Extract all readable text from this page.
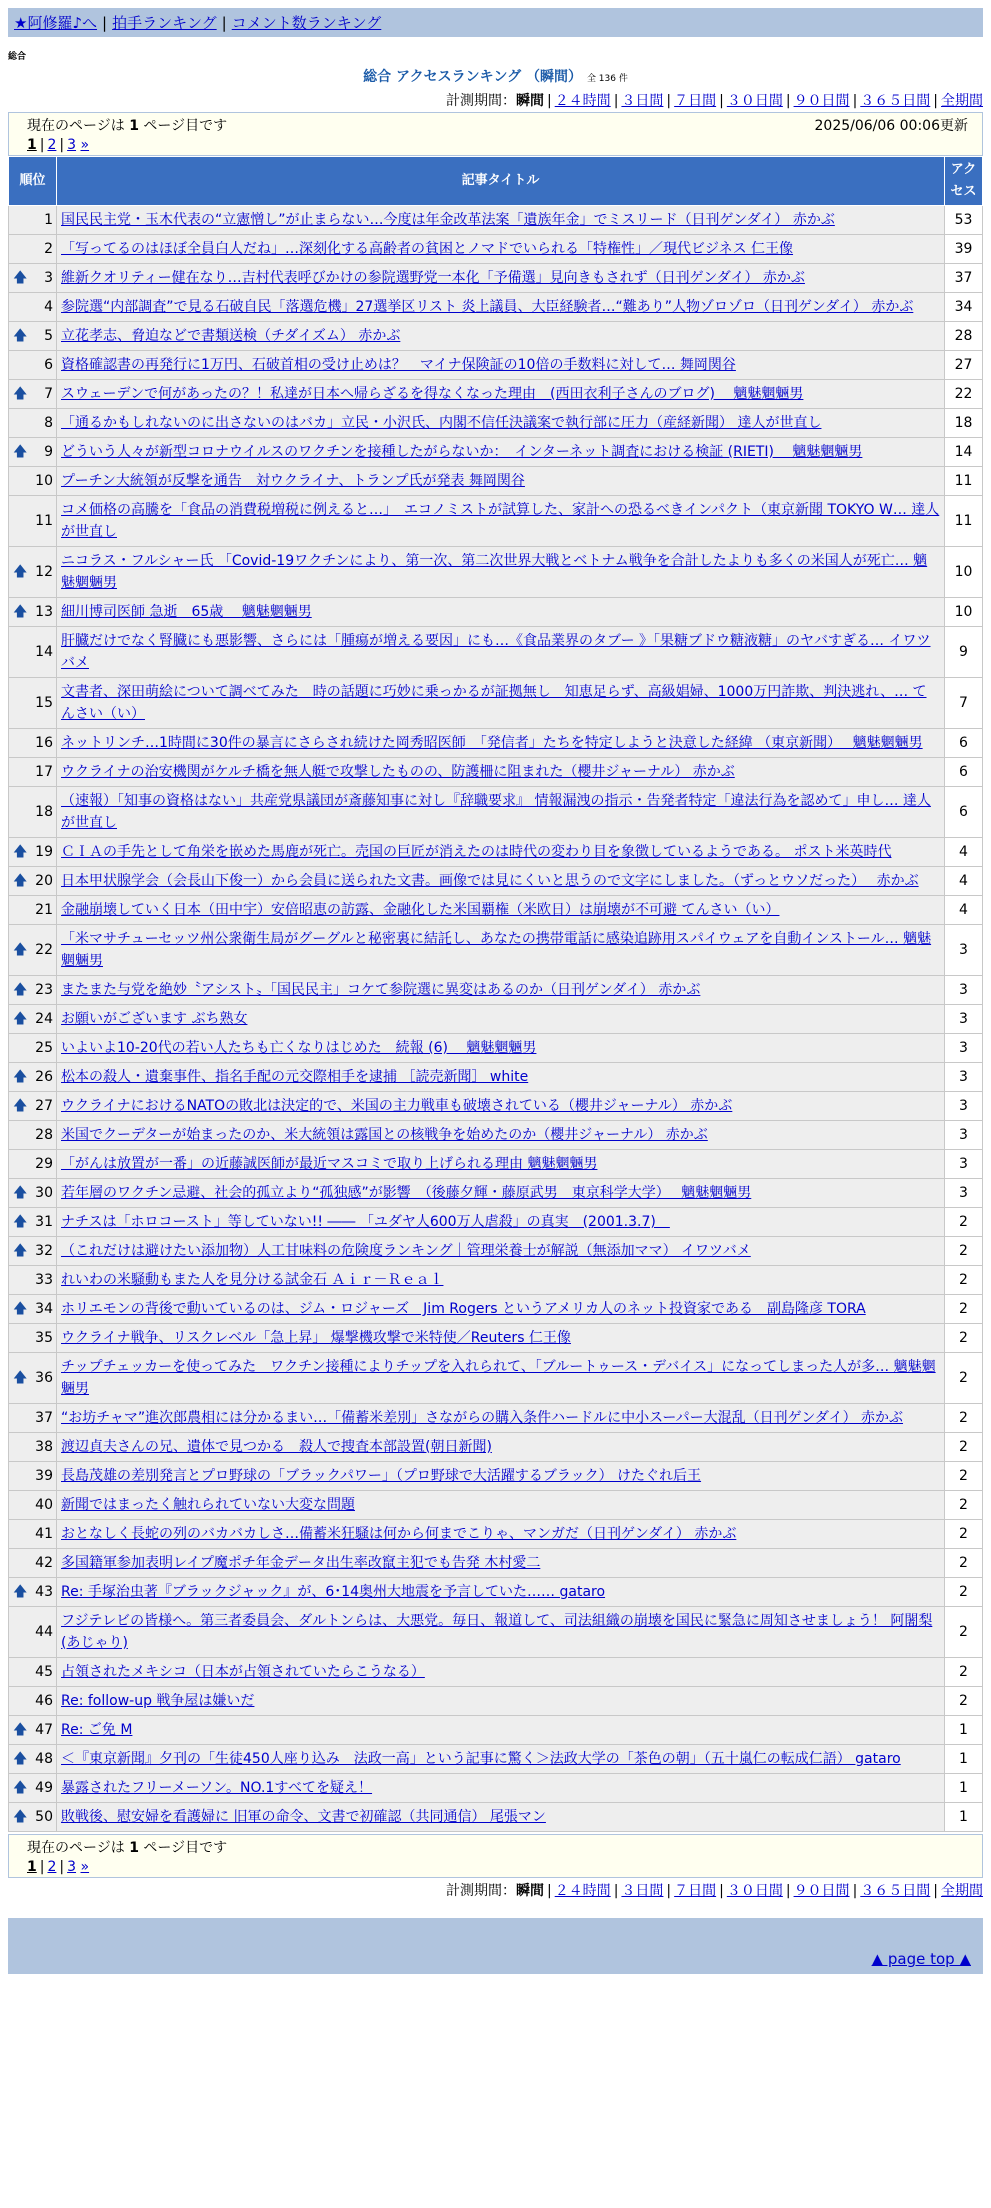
★阿修羅♪へ | 拍手ランキング | コメント数ランキング
総合
総合 アクセスランキング （瞬間） 全 136 件
計測期間：瞬間 | ２４時間 | ３日間 | ７日間 | ３０日間 | ９０日間 | ３６５日間 | 全期間
現在のページは 1 ページ目です	2025/06/06 00:06更新
1 | 2 | 3 »
順位	記事タイトル	アクセス
1	国民民主党・玉木代表の“立憲憎し”が止まらない…今度は年金改革法案「遺族年金」でミスリード（日刊ゲンダイ） 赤かぶ	53
2	「写ってるのはほぼ全員白人だね」…深刻化する高齢者の貧困とノマドでいられる「特権性」／現代ビジネス 仁王像	39

🡅 3	維新クオリティー健在なり…吉村代表呼びかけの参院選野党一本化「予備選」見向きもされず（日刊ゲンダイ） 赤かぶ	37
4	参院選“内部調査”で見る石破自民「落選危機」27選挙区リスト 炎上議員、大臣経験者…“難あり”人物ゾロゾロ（日刊ゲンダイ） 赤かぶ	34

🡅 5	立花孝志、脅迫などで書類送検（チダイズム） 赤かぶ	28
6	資格確認書の再発行に1万円、石破首相の受け止めは？　マイナ保険証の10倍の手数料に対して… 舞岡関谷	27

🡅 7	スウェーデンで何があったの？！私達が日本へ帰らざるを得なくなった理由　(西田衣利子さんのブログ)　 魑魅魍魎男	22
8	「通るかもしれないのに出さないのはバカ」立民・小沢氏、内閣不信任決議案で執行部に圧力（産経新聞） 達人が世直し	18

🡅 9	どういう人々が新型コロナウイルスのワクチンを接種したがらないか：　インターネット調査における検証 (RIETI)　 魑魅魍魎男	14
10	プーチン大統領が反撃を通告　対ウクライナ、トランプ氏が発表 舞岡関谷	11
11	コメ価格の高騰を「食品の消費税増税に例えると…」　エコノミストが試算した、家計への恐るべきインパクト（東京新聞 TOKYO W… 達人が世直し	11

🡅 12	ニコラス・フルシャー氏 「Covid-19ワクチンにより、第一次、第二次世界大戦とベトナム戦争を合計したよりも多くの米国人が死亡… 魑魅魍魎男	10

🡅 13	細川博司医師 急逝　65歳　 魑魅魍魎男	10
14	肝臓だけでなく腎臓にも悪影響、さらには「腫瘍が増える要因」にも…《食品業界のタブー 》「果糖ブドウ糖液糖」のヤバすぎる… イワツバメ	9
15	文書者、深田萌絵について調べてみた　時の話題に巧妙に乗っかるが証拠無し　知恵足らず、高級娼婦、1000万円詐欺、判決逃れ、… てんさい（い）	7
16	ネットリンチ…1時間に30件の暴言にさらされ続けた岡秀昭医師　「発信者」たちを特定しようと決意した経緯 （東京新聞）　 魑魅魍魎男	6
17	ウクライナの治安機関がケルチ橋を無人艇で攻撃したものの、防護柵に阻まれた（櫻井ジャーナル） 赤かぶ	6
18	（速報）「知事の資格はない」共産党県議団が斎藤知事に対し『辞職要求』 情報漏洩の指示・告発者特定「違法行為を認めて」申し… 達人が世直し	6

🡅 19	ＣＩＡの手先として角栄を嵌めた馬鹿が死亡。売国の巨匠が消えたのは時代の変わり目を象徴しているようである。 ポスト米英時代	4

🡅 20	日本甲状腺学会（会長山下俊一）から会員に送られた文書。画像では見にくいと思うので文字にしました。（ずっとウソだった）　 赤かぶ	4
21	金融崩壊していく日本（田中宇）安倍昭恵の訪露、金融化した米国覇権（米欧日）は崩壊が不可避 てんさい（い）	4

🡅 22	「米マサチューセッツ州公衆衛生局がグーグルと秘密裏に結託し、あなたの携帯電話に感染追跡用スパイウェアを自動インストール… 魑魅魍魎男	3

🡅 23	またまた与党を絶妙〝アシスト〟「国民民主」コケて参院選に異変はあるのか（日刊ゲンダイ） 赤かぶ	3

🡅 24	お願いがございます ぶち熟女	3
25	いよいよ10-20代の若い人たちも亡くなりはじめた　続報 (6)　 魑魅魍魎男	3

🡅 26	松本の殺人・遺棄事件、指名手配の元交際相手を逮捕 ［読売新聞］ white	3

🡅 27	ウクライナにおけるNATOの敗北は決定的で、米国の主力戦車も破壊されている（櫻井ジャーナル） 赤かぶ	3
28	米国でクーデターが始まったのか、米大統領は露国との核戦争を始めたのか（櫻井ジャーナル） 赤かぶ	3
29	「がんは放置が一番」の近藤誠医師が最近マスコミで取り上げられる理由 魑魅魍魎男	3

🡅 30	若年層のワクチン忌避、社会的孤立より“孤独感”が影響　（後藤夕輝・藤原武男　東京科学大学）　 魑魅魍魎男	3

🡅 31	ナチスは「ホロコースト」等していない!! ―― 「ユダヤ人600万人虐殺」の真実　(2001.3.7)　	2

🡅 32	（これだけは避けたい添加物）人工甘味料の危険度ランキング｜管理栄養士が解説（無添加ママ） イワツバメ	2
33	れいわの米騒動もまた人を見分ける試金石 Ａｉｒ－Ｒｅａｌ	2

🡅 34	ホリエモンの背後で動いているのは、ジム・ロジャーズ　Jim Rogers というアメリカ人のネット投資家である　副島隆彦 TORA	2
35	ウクライナ戦争、リスクレベル「急上昇」 爆撃機攻撃で米特使／Reuters 仁王像	2

🡅 36	チップチェッカーを使ってみた　ワクチン接種によりチップを入れられて、「ブルートゥース・デバイス」になってしまった人が多… 魑魅魍魎男	2
37	“お坊チャマ”進次郎農相には分かるまい…「備蓄米差別」さながらの購入条件ハードルに中小スーパー大混乱（日刊ゲンダイ） 赤かぶ	2
38	渡辺貞夫さんの兄、遺体で見つかる　殺人で捜査本部設置(朝日新聞)	2
39	長島茂雄の差別発言とプロ野球の「ブラックパワー」（プロ野球で大活躍するブラック） けたぐれ后王	2
40	新聞ではまったく触れられていない大変な問題	2
41	おとなしく長蛇の列のバカバカしさ…備蓄米狂騒は何から何までこりゃ、マンガだ（日刊ゲンダイ） 赤かぶ	2
42	多国籍軍参加表明レイプ魔ポチ年金データ出生率改竄主犯でも告発 木村愛二	2

🡅 43	Re: 手塚治虫著『ブラックジャック』が、6･14奥州大地震を予言していた…… gataro	2
44	フジテレビの皆様へ。第三者委員会、ダルトンらは、大悪党。毎日、報道して、司法組織の崩壊を国民に緊急に周知させましょう！ 阿闍梨(あじゃり)	2
45	占領されたメキシコ（日本が占領されていたらこうなる）	2
46	Re: follow-up 戦争屋は嫌いだ	2

🡅 47	Re: ご免 M	1

🡅 48	＜『東京新聞』夕刊の「生徒450人座り込み　法政一高」という記事に驚く＞法政大学の「茶色の朝」（五十嵐仁の転成仁語） gataro	1

🡅 49	暴露されたフリーメーソン。NO.1すべてを疑え！	1

🡅 50	敗戦後、慰安婦を看護婦に 旧軍の命令、文書で初確認（共同通信） 尾張マン	1
現在のページは 1 ページ目です
1 | 2 | 3 »
計測期間：瞬間 | ２４時間 | ３日間 | ７日間 | ３０日間 | ９０日間 | ３６５日間 | 全期間
▲ page top ▲
